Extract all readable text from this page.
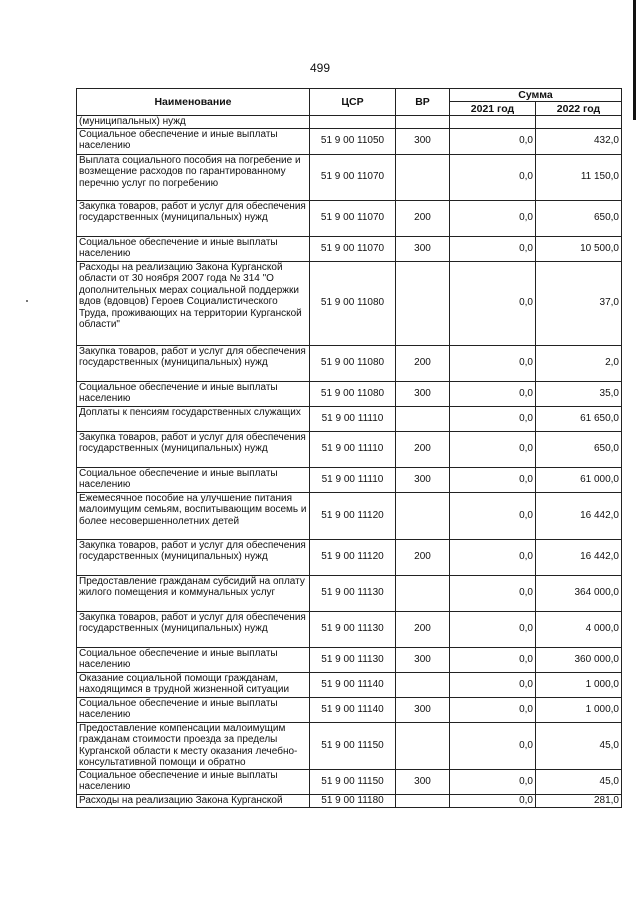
499
Наименование	ЦСР	ВР	Сумма	
			2021 год	2022 год
(муниципальных) нужд				
Социальное обеспечение и иные выплаты населению	51 9 00 11050	300	0,0	432,0
Выплата социального пособия на погребение и возмещение расходов по гарантированному перечню услуг по погребению	51 9 00 11070		0,0	11 150,0
Закупка товаров, работ и услуг для обеспечения государственных (муниципальных) нужд	51 9 00 11070	200	0,0	650,0
Социальное обеспечение и иные выплаты населению	51 9 00 11070	300	0,0	10 500,0
Расходы на реализацию Закона Курганской области от 30 ноября 2007 года № 314 "О дополнительных мерах социальной поддержки вдов (вдовцов) Героев Социалистического Труда, проживающих на территории Курганской области"	51 9 00 11080		0,0	37,0
Закупка товаров, работ и услуг для обеспечения государственных (муниципальных) нужд	51 9 00 11080	200	0,0	2,0
Социальное обеспечение и иные выплаты населению	51 9 00 11080	300	0,0	35,0
Доплаты к пенсиям государственных служащих	51 9 00 11110		0,0	61 650,0
Закупка товаров, работ и услуг для обеспечения государственных (муниципальных) нужд	51 9 00 11110	200	0,0	650,0
Социальное обеспечение и иные выплаты населению	51 9 00 11110	300	0,0	61 000,0
Ежемесячное пособие на улучшение питания малоимущим семьям, воспитывающим восемь и более несовершеннолетних детей	51 9 00 11120		0,0	16 442,0
Закупка товаров, работ и услуг для обеспечения государственных (муниципальных) нужд	51 9 00 11120	200	0,0	16 442,0
Предоставление гражданам субсидий на оплату жилого помещения и коммунальных услуг	51 9 00 11130		0,0	364 000,0
Закупка товаров, работ и услуг для обеспечения государственных (муниципальных) нужд	51 9 00 11130	200	0,0	4 000,0
Социальное обеспечение и иные выплаты населению	51 9 00 11130	300	0,0	360 000,0
Оказание социальной помощи гражданам, находящимся в трудной жизненной ситуации	51 9 00 11140		0,0	1 000,0
Социальное обеспечение и иные выплаты населению	51 9 00 11140	300	0,0	1 000,0
Предоставление компенсации малоимущим гражданам стоимости проезда за пределы Курганской области к месту оказания лечебно-консультативной помощи и обратно	51 9 00 11150		0,0	45,0
Социальное обеспечение и иные выплаты населению	51 9 00 11150	300	0,0	45,0
Расходы на реализацию Закона Курганской	51 9 00 11180		0,0	281,0
